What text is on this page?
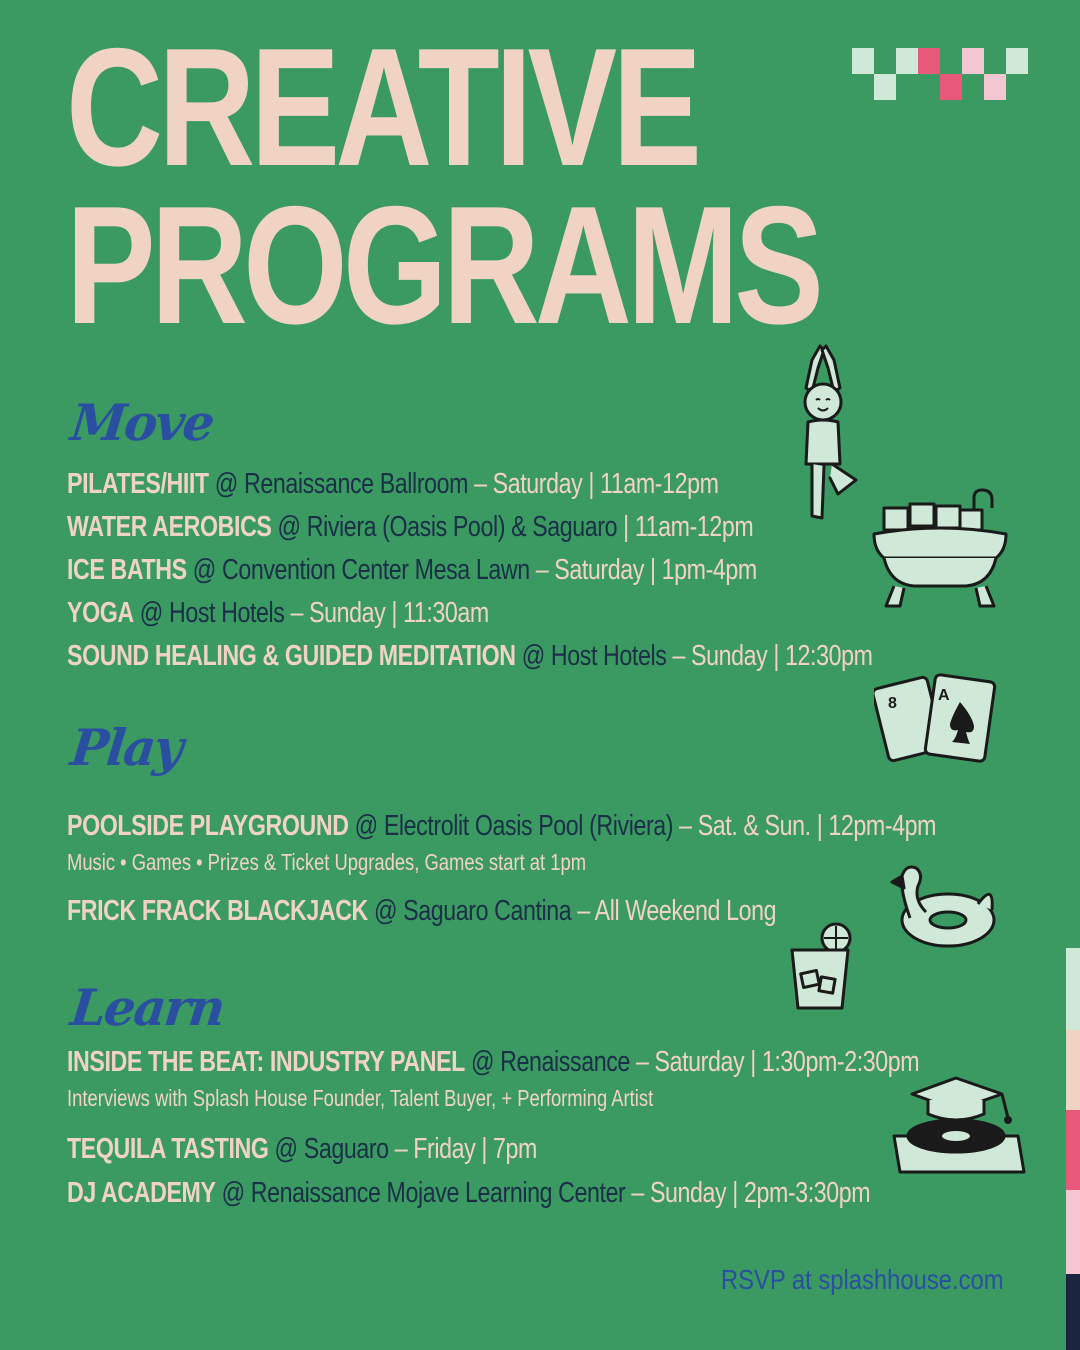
CREATIVE
PROGRAMS
Move
PILATES/HIIT @ Renaissance Ballroom – Saturday | 11am-12pm
WATER AEROBICS @ Riviera (Oasis Pool) & Saguaro | 11am-12pm
ICE BATHS @ Convention Center Mesa Lawn – Saturday | 1pm-4pm
YOGA @ Host Hotels – Sunday | 11:30am
SOUND HEALING & GUIDED MEDITATION @ Host Hotels – Sunday | 12:30pm
Play
POOLSIDE PLAYGROUND @ Electrolit Oasis Pool (Riviera) – Sat. & Sun. | 12pm-4pm
Music • Games • Prizes & Ticket Upgrades, Games start at 1pm
FRICK FRACK BLACKJACK @ Saguaro Cantina – All Weekend Long
Learn
INSIDE THE BEAT: INDUSTRY PANEL @ Renaissance – Saturday | 1:30pm-2:30pm
Interviews with Splash House Founder, Talent Buyer, + Performing Artist
TEQUILA TASTING @ Saguaro – Friday | 7pm
DJ ACADEMY @ Renaissance Mojave Learning Center – Sunday | 2pm-3:30pm
RSVP at splashhouse.com
8	A
